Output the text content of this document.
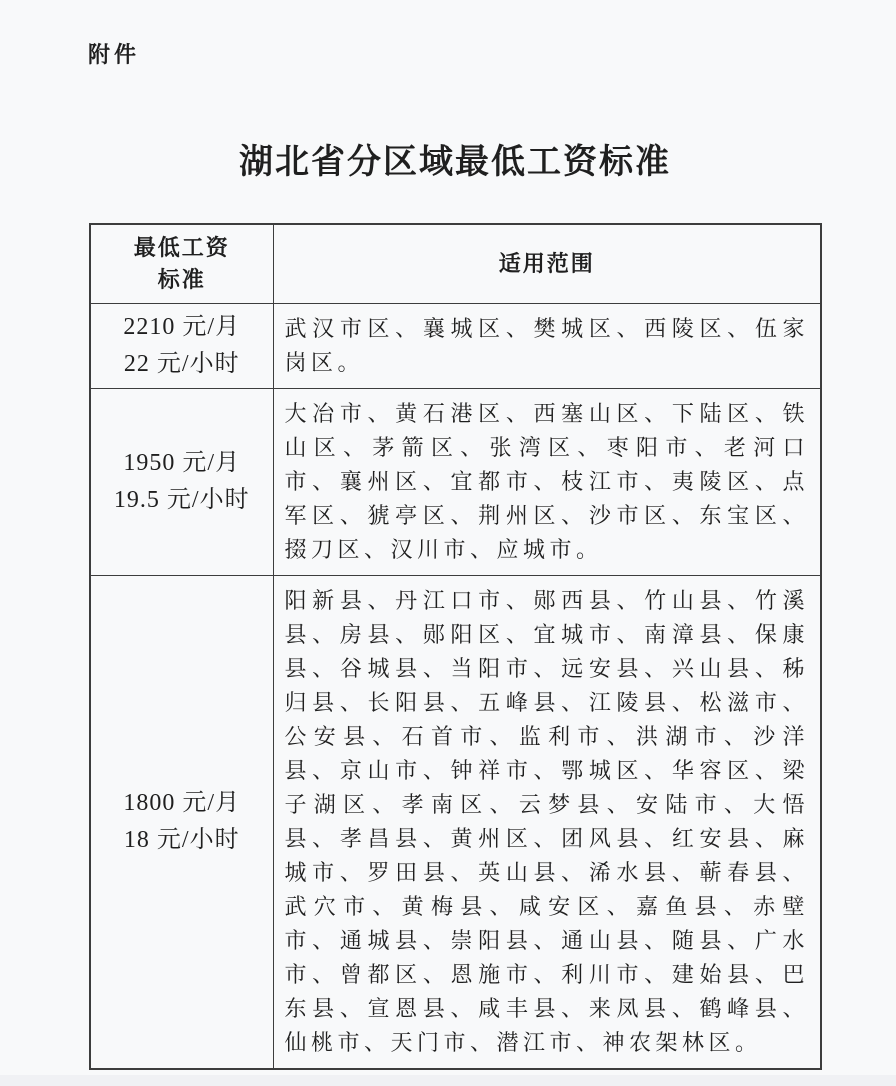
附件
湖北省分区域最低工资标准
最低工资
标准	适用范围

2210 元/月
22 元/小时	武汉市区、襄城区、樊城区、西陵区、伍家岗区。

1950 元/月
19.5 元/小时	大冶市、黄石港区、西塞山区、下陆区、铁山区、茅箭区、张湾区、枣阳市、老河口市、襄州区、宜都市、枝江市、夷陵区、点军区、猇亭区、荆州区、沙市区、东宝区、掇刀区、汉川市、应城市。

1800 元/月
18 元/小时	阳新县、丹江口市、郧西县、竹山县、竹溪县、房县、郧阳区、宜城市、南漳县、保康县、谷城县、当阳市、远安县、兴山县、秭归县、长阳县、五峰县、江陵县、松滋市、公安县、石首市、监利市、洪湖市、沙洋县、京山市、钟祥市、鄂城区、华容区、梁子湖区、孝南区、云梦县、安陆市、大悟县、孝昌县、黄州区、团风县、红安县、麻城市、罗田县、英山县、浠水县、蕲春县、武穴市、黄梅县、咸安区、嘉鱼县、赤壁市、通城县、崇阳县、通山县、随县、广水市、曾都区、恩施市、利川市、建始县、巴东县、宣恩县、咸丰县、来凤县、鹤峰县、仙桃市、天门市、潜江市、神农架林区。
